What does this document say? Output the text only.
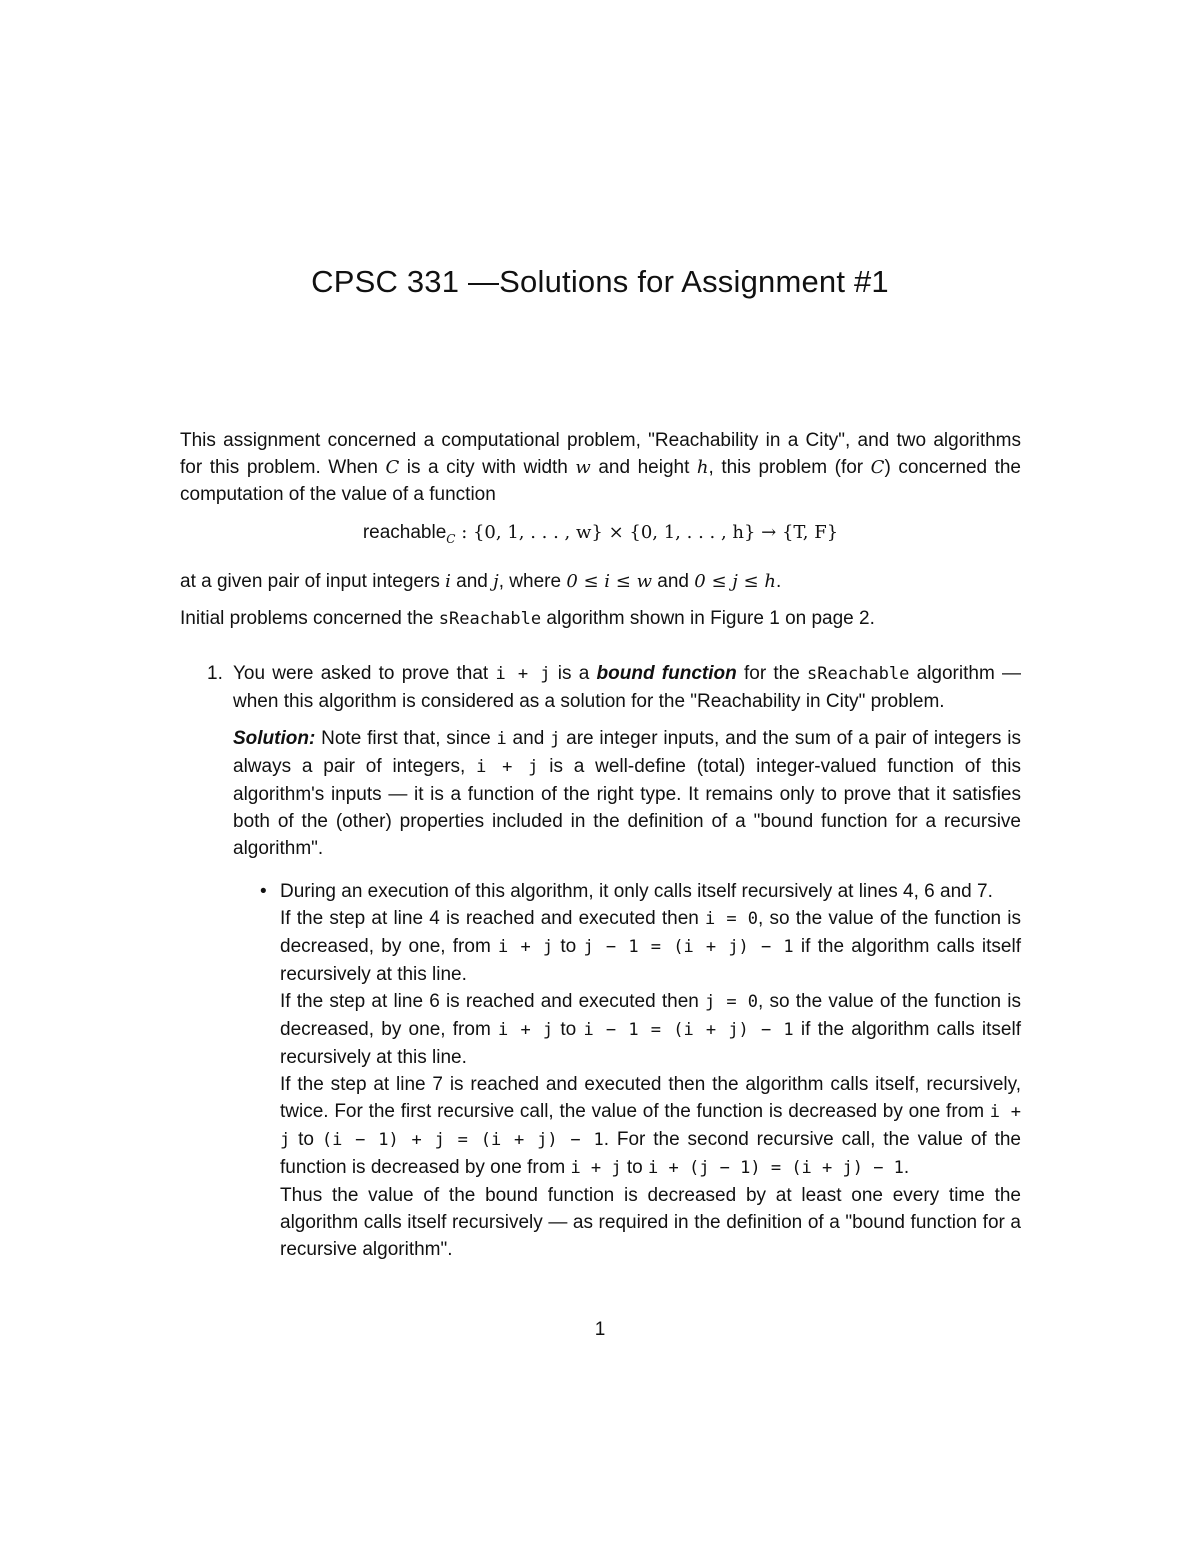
CPSC 331 —Solutions for Assignment #1

This assignment concerned a computational problem, "Reachability in a City", and two algorithms for this problem. When C is a city with width w and height h, this problem (for C) concerned the computation of the value of a function

reachable$_C$ : {0, 1, . . . , w} × {0, 1, . . . , h} → {T, F}

at a given pair of input integers i and j, where 0 ≤ i ≤ w and 0 ≤ j ≤ h.

Initial problems concerned the sReachable algorithm shown in Figure 1 on page 2.

1. You were asked to prove that i + j is a bound function for the sReachable algorithm — when this algorithm is considered as a solution for the "Reachability in City" problem.

Solution: Note first that, since i and j are integer inputs, and the sum of a pair of integers is always a pair of integers, i + j is a well-define (total) integer-valued function of this algorithm's inputs — it is a function of the right type. It remains only to prove that it satisfies both of the (other) properties included in the definition of a "bound function for a recursive algorithm".

• During an execution of this algorithm, it only calls itself recursively at lines 4, 6 and 7.

If the step at line 4 is reached and executed then i = 0, so the value of the function is decreased, by one, from i + j to j − 1 = (i + j) − 1 if the algorithm calls itself recursively at this line.

If the step at line 6 is reached and executed then j = 0, so the value of the function is decreased, by one, from i + j to i − 1 = (i + j) − 1 if the algorithm calls itself recursively at this line.

If the step at line 7 is reached and executed then the algorithm calls itself, recursively, twice. For the first recursive call, the value of the function is decreased by one from i + j to (i − 1) + j = (i + j) − 1. For the second recursive call, the value of the function is decreased by one from i + j to i + (j − 1) = (i + j) − 1.

Thus the value of the bound function is decreased by at least one every time the algorithm calls itself recursively — as required in the definition of a "bound function for a recursive algorithm".

1
